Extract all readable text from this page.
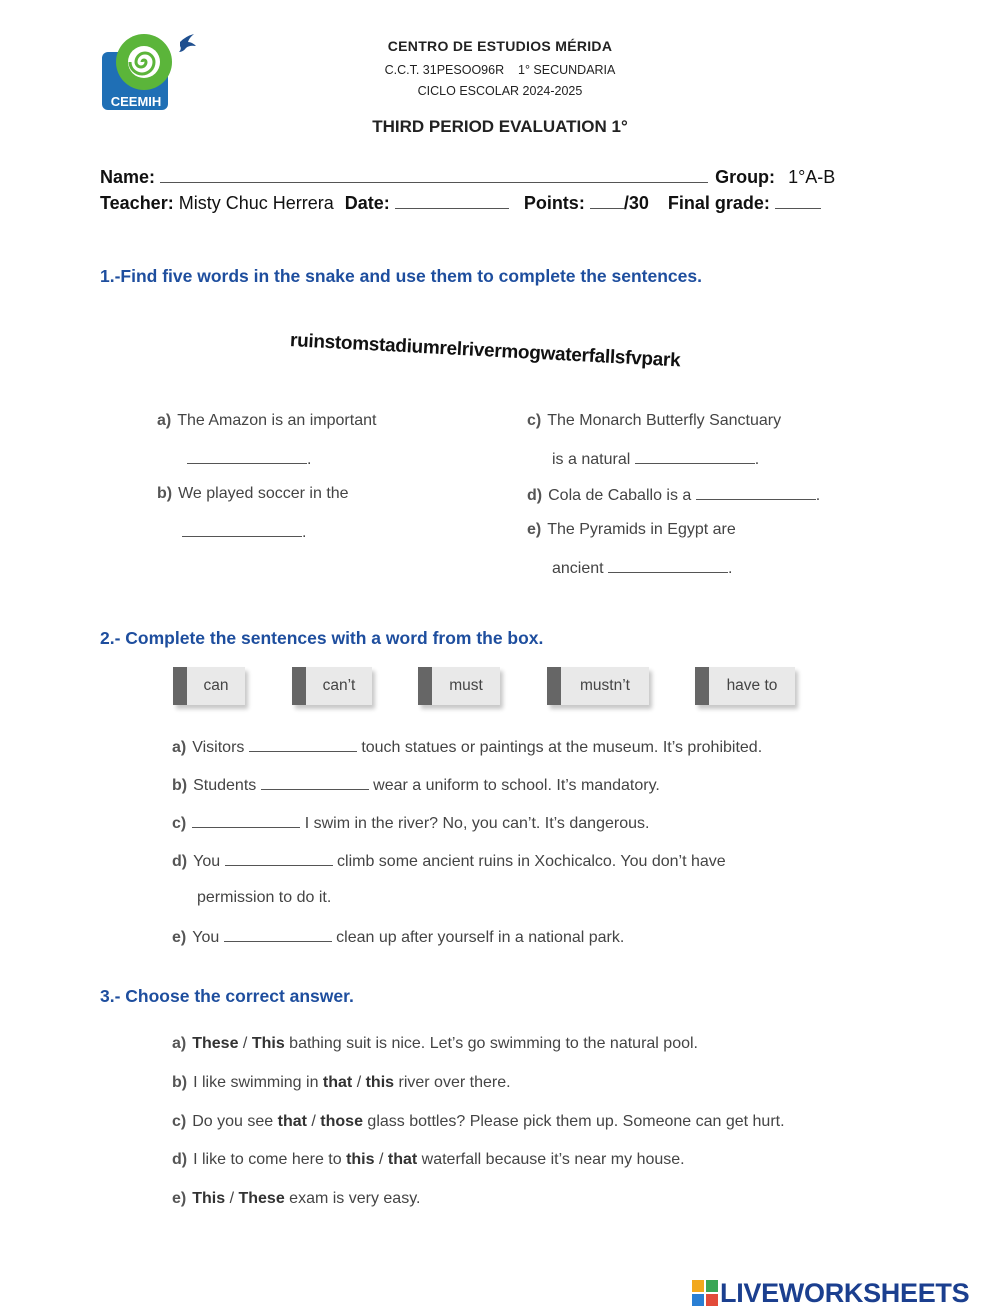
CEEMIH
CENTRO DE ESTUDIOS MÉRIDA
C.C.T. 31PESOO96R    1° SECUNDARIA
CICLO ESCOLAR 2024-2025
THIRD PERIOD EVALUATION 1°
Name:	Group: 1°A-B
Teacher: Misty Chuc Herrera Date:	Points: /30 Final grade:
1.-Find five words in the snake and use them to complete the sentences.
ruinstomstadiumrelrivermogwaterfallsfvpark
a) The Amazon is an important
.
b) We played soccer in the
.
c) The Monarch Butterfly Sanctuary
is a natural	.
d) Cola de Caballo is a	.
e) The Pyramids in Egypt are
ancient	.
2.- Complete the sentences with a word from the box.
can	can’t	must	mustn’t	have to
a) Visitors	touch statues or paintings at the museum. It’s prohibited.
b) Students	wear a uniform to school. It’s mandatory.
c)	I swim in the river? No, you can’t. It’s dangerous.
d) You	climb some ancient ruins in Xochicalco. You don’t have
permission to do it.
e) You	clean up after yourself in a national park.
3.- Choose the correct answer.
a) These / This bathing suit is nice. Let’s go swimming to the natural pool.
b) I like swimming in that / this river over there.
c) Do you see that / those glass bottles? Please pick them up. Someone can get hurt.
d) I like to come here to this / that waterfall because it’s near my house.
e) This / These exam is very easy.
LIVEWORKSHEETS
